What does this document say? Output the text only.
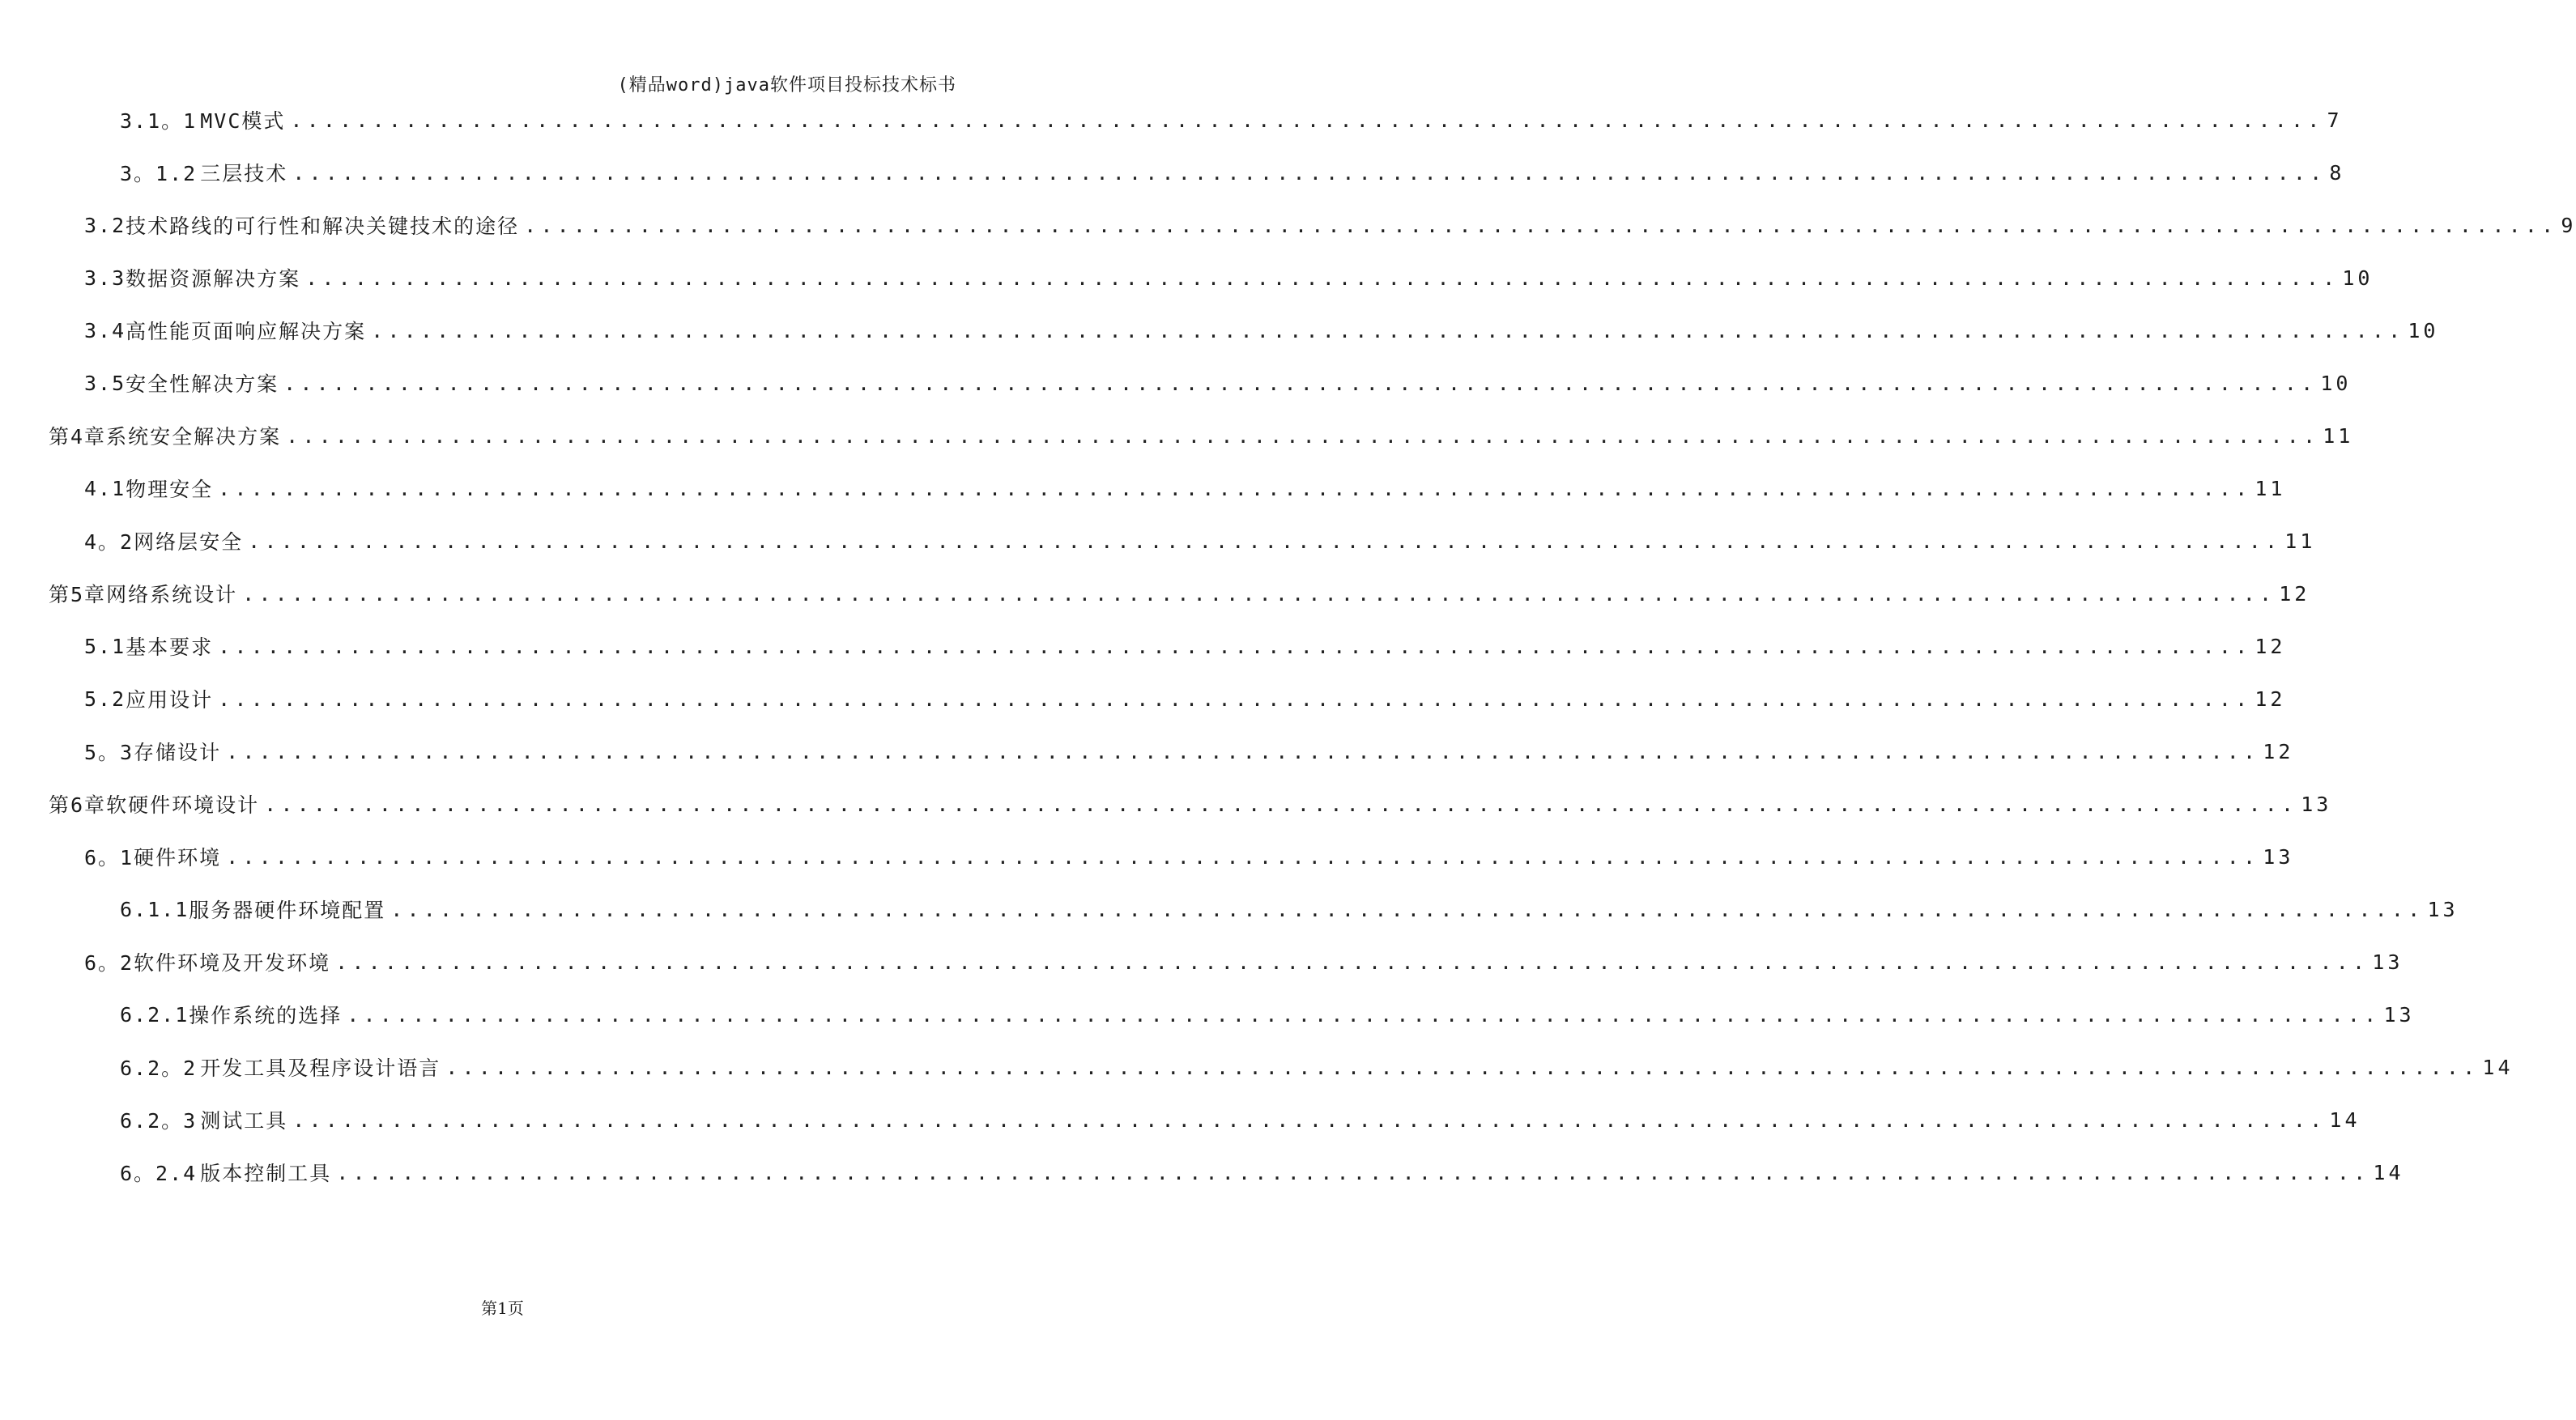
(精品word)java软件项目投标技术标书
3.1。1 MVC模式 ............................................................................................................................ 7
3。1.2 三层技术 ............................................................................................................................ 8
3.2 技术路线的可行性和解决关键技术的途径 ............................................................................................................................ 9
3.3 数据资源解决方案 ............................................................................................................................ 10
3.4 高性能页面响应解决方案 ............................................................................................................................ 10
3.5 安全性解决方案 ............................................................................................................................ 10
第4章 系统安全解决方案 ............................................................................................................................ 11
4.1 物理安全 ............................................................................................................................ 11
4。2 网络层安全 ............................................................................................................................ 11
第5章 网络系统设计 ............................................................................................................................ 12
5.1 基本要求 ............................................................................................................................ 12
5.2 应用设计 ............................................................................................................................ 12
5。3 存储设计 ............................................................................................................................ 12
第6章 软硬件环境设计 ............................................................................................................................ 13
6。1 硬件环境 ............................................................................................................................ 13
6.1.1 服务器硬件环境配置 ............................................................................................................................ 13
6。2 软件环境及开发环境 ............................................................................................................................ 13
6.2.1 操作系统的选择 ............................................................................................................................ 13
6.2。2 开发工具及程序设计语言 ............................................................................................................................ 14
6.2。3 测试工具 ............................................................................................................................ 14
6。2.4 版本控制工具 ............................................................................................................................ 14
第1页
